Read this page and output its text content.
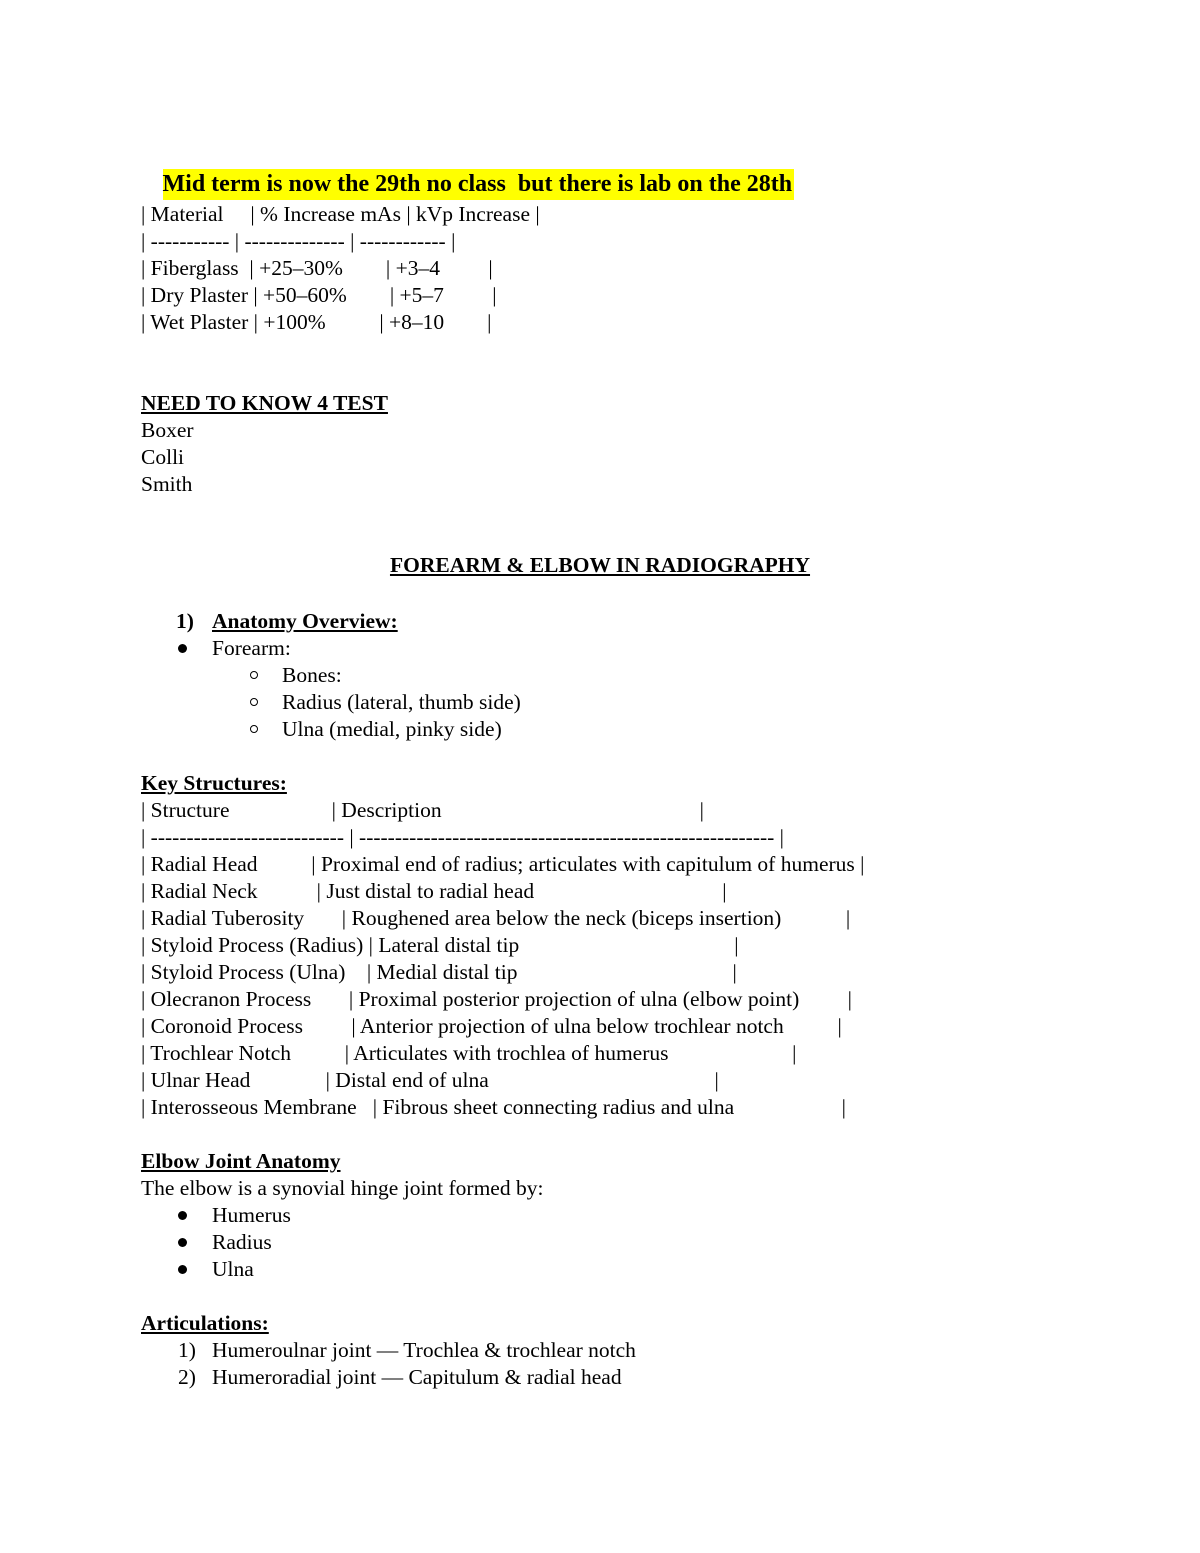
Mid term is now the 29th no class  but there is lab on the 28th

| Material     | % Increase mAs | kVp Increase |
| ----------- | -------------- | ------------ |
| Fiberglass  | +25–30%        | +3–4         |
| Dry Plaster | +50–60%        | +5–7         |
| Wet Plaster | +100%          | +8–10        |
NEED TO KNOW 4 TEST
Boxer
Colli
Smith
FOREARM & ELBOW IN RADIOGRAPHY
1) Anatomy Overview:
Forearm:
Bones:
Radius (lateral, thumb side)
Ulna (medial, pinky side)
Key Structures:
| Structure                   | Description                                                |
| --------------------------- | ---------------------------------------------------------- |
| Radial Head          | Proximal end of radius; articulates with capitulum of humerus |
| Radial Neck           | Just distal to radial head                                   |
| Radial Tuberosity       | Roughened area below the neck (biceps insertion)            |
| Styloid Process (Radius) | Lateral distal tip                                        |
| Styloid Process (Ulna)    | Medial distal tip                                        |
| Olecranon Process       | Proximal posterior projection of ulna (elbow point)         |
| Coronoid Process         | Anterior projection of ulna below trochlear notch          |
| Trochlear Notch          | Articulates with trochlea of humerus                       |
| Ulnar Head              | Distal end of ulna                                          |
| Interosseous Membrane   | Fibrous sheet connecting radius and ulna                    |
Elbow Joint Anatomy
The elbow is a synovial hinge joint formed by:
Humerus
Radius
Ulna
Articulations:
1) Humeroulnar joint — Trochlea & trochlear notch
2) Humeroradial joint — Capitulum & radial head
